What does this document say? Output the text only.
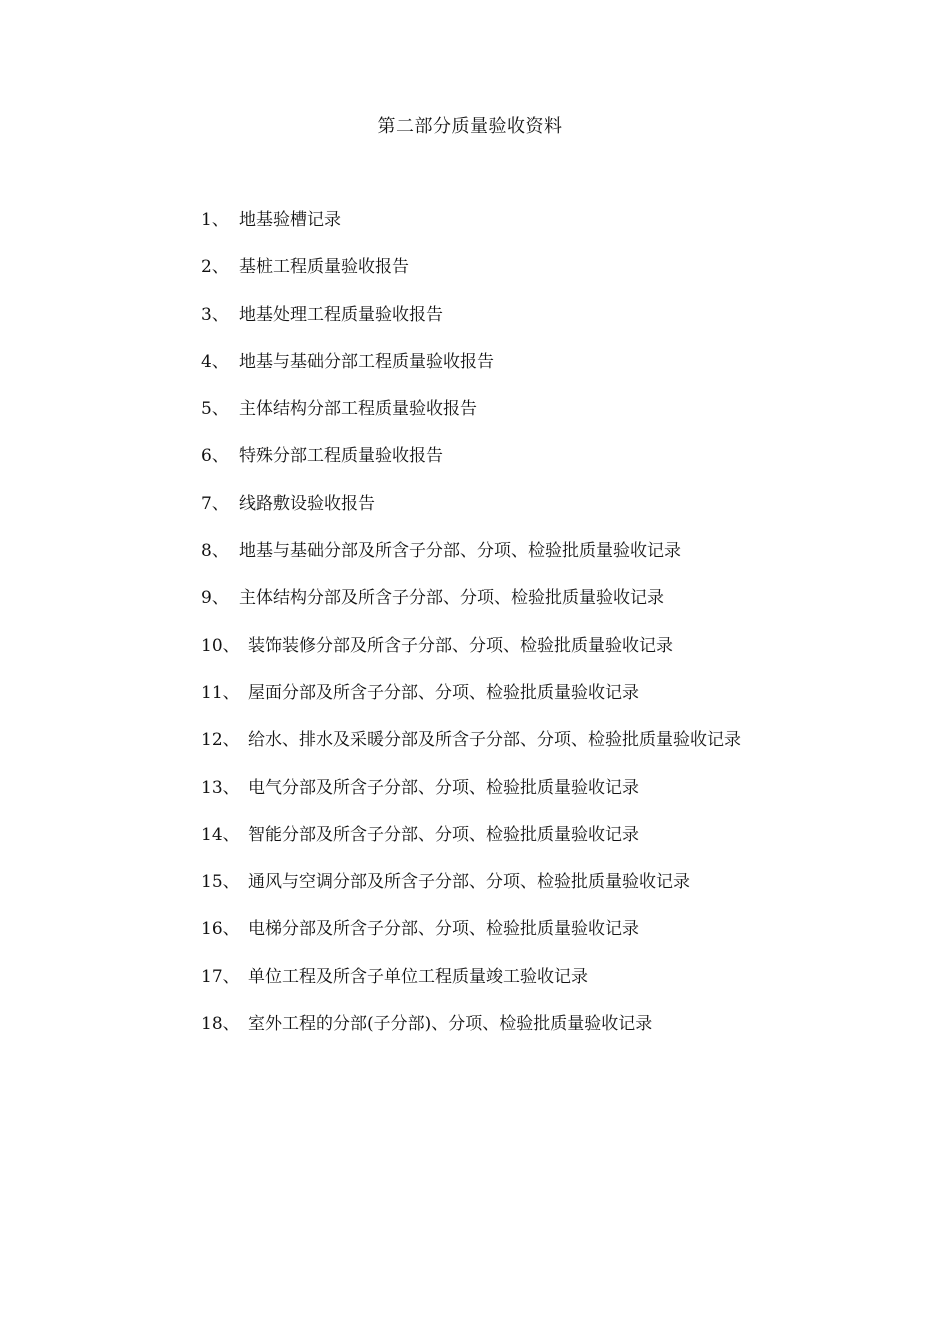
第二部分质量验收资料
1、 地基验槽记录
2、 基桩工程质量验收报告
3、 地基处理工程质量验收报告
4、 地基与基础分部工程质量验收报告
5、 主体结构分部工程质量验收报告
6、 特殊分部工程质量验收报告
7、 线路敷设验收报告
8、 地基与基础分部及所含子分部、分项、检验批质量验收记录
9、 主体结构分部及所含子分部、分项、检验批质量验收记录
10、 装饰装修分部及所含子分部、分项、检验批质量验收记录
11、 屋面分部及所含子分部、分项、检验批质量验收记录
12、 给水、排水及采暖分部及所含子分部、分项、检验批质量验收记录
13、 电气分部及所含子分部、分项、检验批质量验收记录
14、 智能分部及所含子分部、分项、检验批质量验收记录
15、 通风与空调分部及所含子分部、分项、检验批质量验收记录
16、 电梯分部及所含子分部、分项、检验批质量验收记录
17、 单位工程及所含子单位工程质量竣工验收记录
18、 室外工程的分部(子分部)、分项、检验批质量验收记录
